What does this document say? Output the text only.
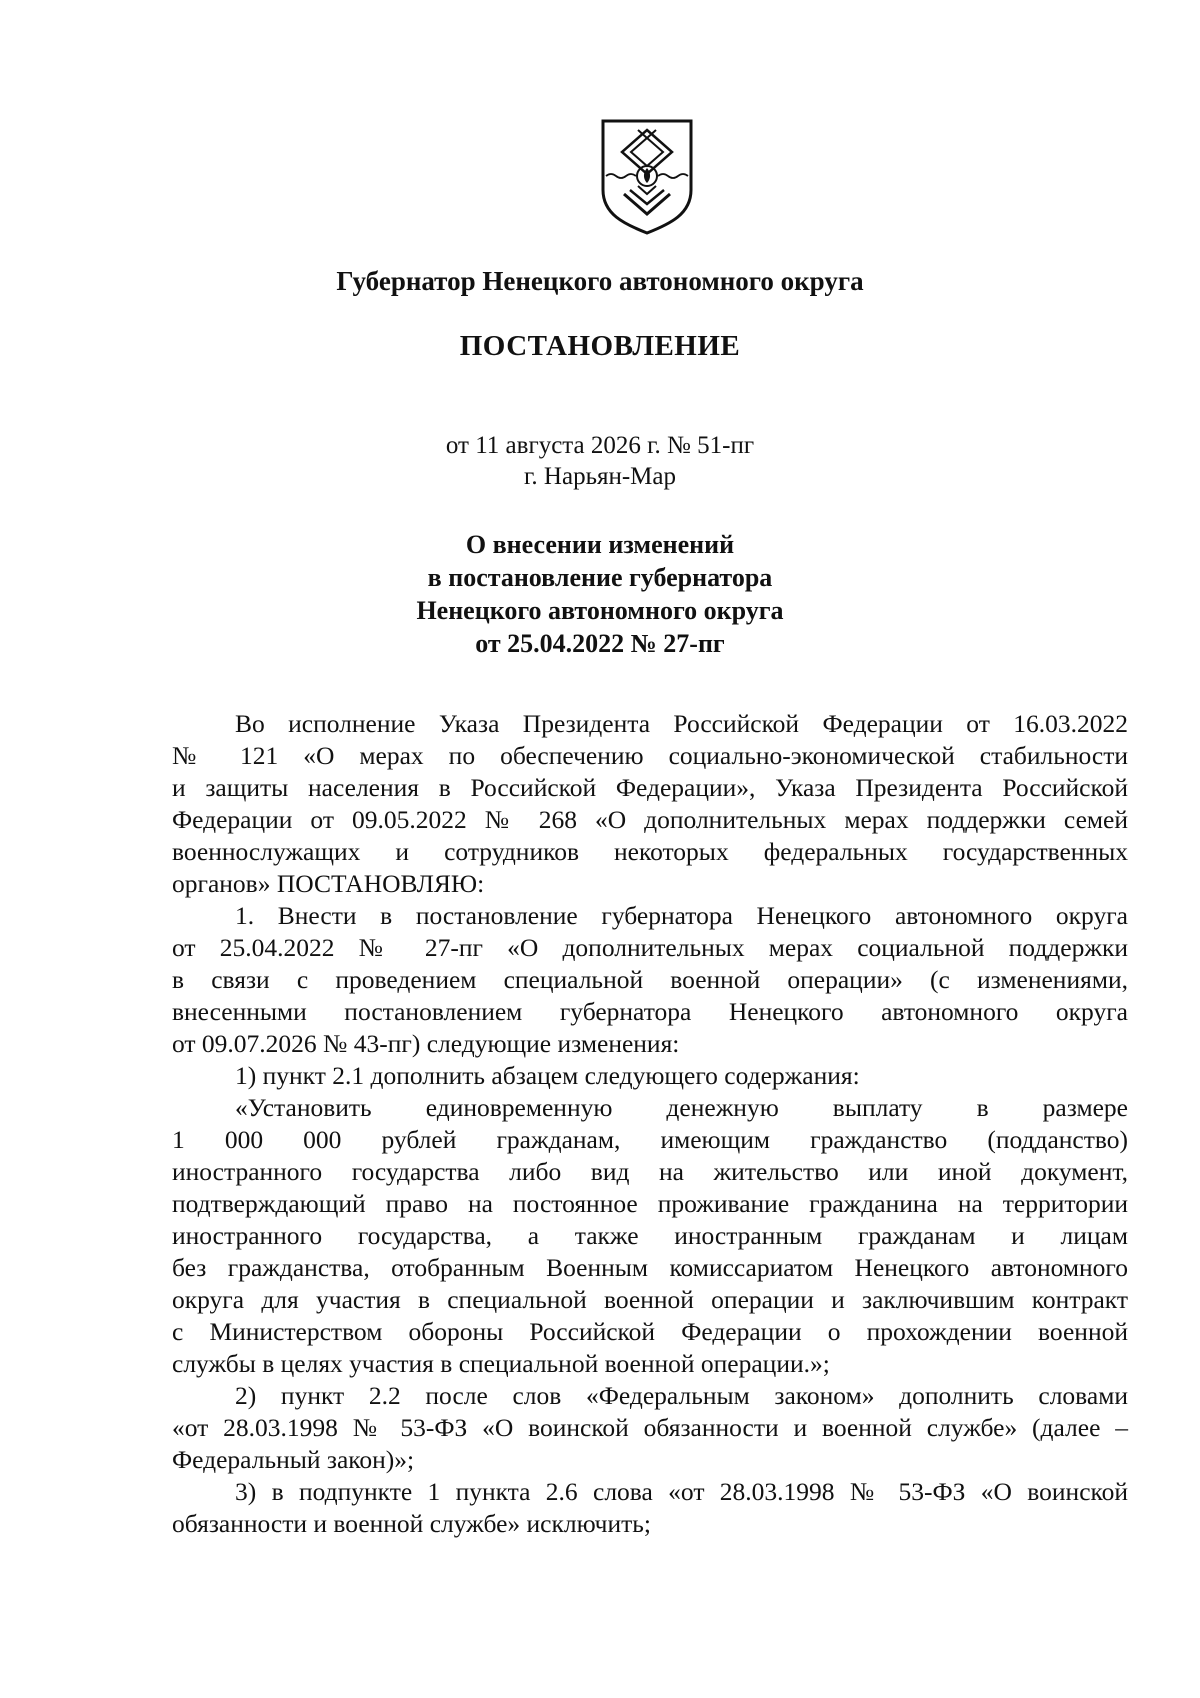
Губернатор Ненецкого автономного округа
ПОСТАНОВЛЕНИЕ
от 11 августа 2026 г. № 51-пг
г. Нарьян-Мар
О внесении изменений
в постановление губернатора
Ненецкого автономного округа
от 25.04.2022 № 27-пг
Во исполнение Указа Президента Российской Федерации от 16.03.2022
№ 121 «О мерах по обеспечению социально-экономической стабильности
и защиты населения в Российской Федерации», Указа Президента Российской
Федерации от 09.05.2022 № 268 «О дополнительных мерах поддержки семей
военнослужащих и сотрудников некоторых федеральных государственных
органов» ПОСТАНОВЛЯЮ:
1. Внести в постановление губернатора Ненецкого автономного округа
от 25.04.2022 № 27-пг «О дополнительных мерах социальной поддержки
в связи с проведением специальной военной операции» (с изменениями,
внесенными постановлением губернатора Ненецкого автономного округа
от 09.07.2026 № 43-пг) следующие изменения:
1) пункт 2.1 дополнить абзацем следующего содержания:
«Установить единовременную денежную выплату в размере
1 000 000 рублей гражданам, имеющим гражданство (подданство)
иностранного государства либо вид на жительство или иной документ,
подтверждающий право на постоянное проживание гражданина на территории
иностранного государства, а также иностранным гражданам и лицам
без гражданства, отобранным Военным комиссариатом Ненецкого автономного
округа для участия в специальной военной операции и заключившим контракт
с Министерством обороны Российской Федерации о прохождении военной
службы в целях участия в специальной военной операции.»;
2) пункт 2.2 после слов «Федеральным законом» дополнить словами
«от 28.03.1998 № 53-ФЗ «О воинской обязанности и военной службе» (далее –
Федеральный закон)»;
3) в подпункте 1 пункта 2.6 слова «от 28.03.1998 № 53-ФЗ «О воинской
обязанности и военной службе» исключить;
